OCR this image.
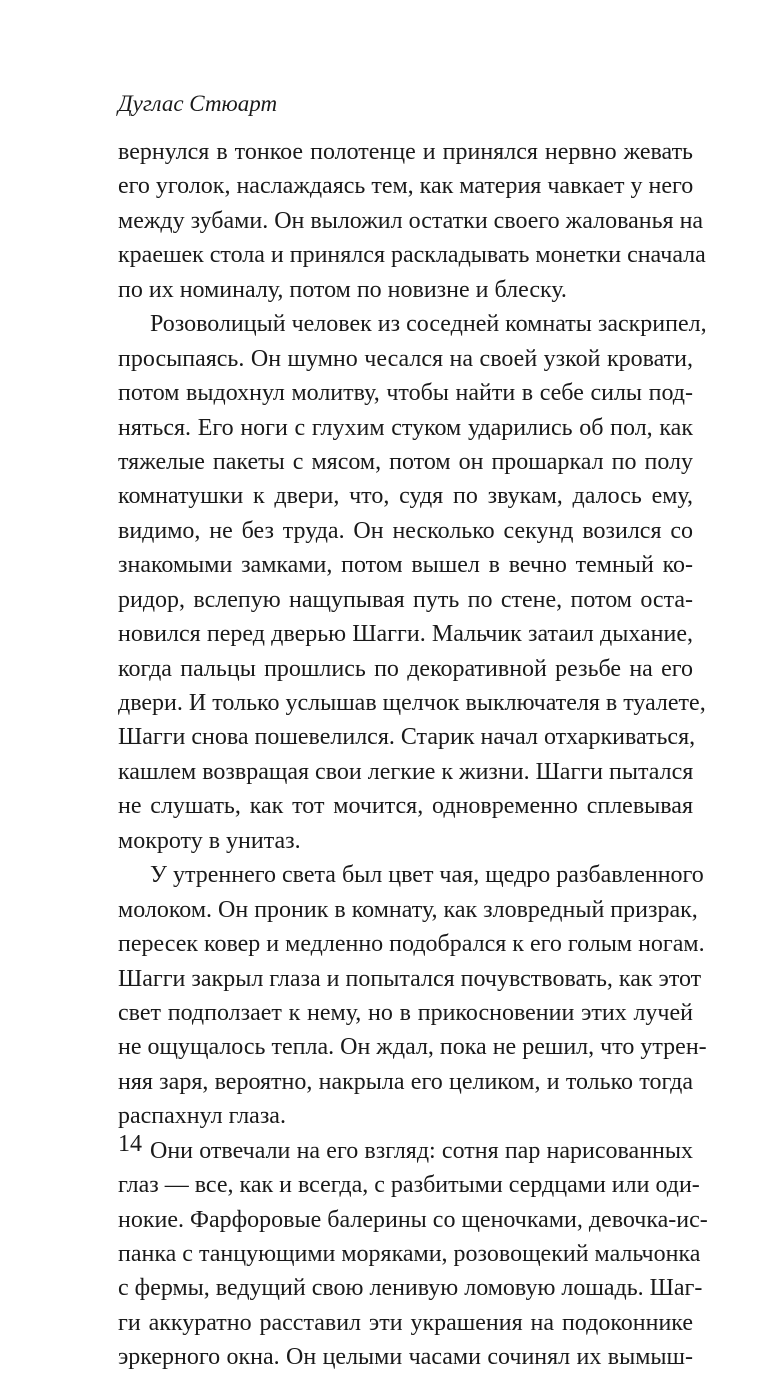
Дуглас Стюарт
вернулся в тонкое полотенце и принялся нервно жевать
его уголок, наслаждаясь тем, как материя чавкает у него
между зубами. Он выложил остатки своего жалованья на
краешек стола и принялся раскладывать монетки сначала
по их номиналу, потом по новизне и блеску.
Розоволицый человек из соседней комнаты заскрипел,
просыпаясь. Он шумно чесался на своей узкой кровати,
потом выдохнул молитву, чтобы найти в себе силы под-
няться. Его ноги с глухим стуком ударились об пол, как
тяжелые пакеты с мясом, потом он прошаркал по полу
комнатушки к двери, что, судя по звукам, далось ему,
видимо, не без труда. Он несколько секунд возился со
знакомыми замками, потом вышел в вечно темный ко-
ридор, вслепую нащупывая путь по стене, потом оста-
новился перед дверью Шагги. Мальчик затаил дыхание,
когда пальцы прошлись по декоративной резьбе на его
двери. И только услышав щелчок выключателя в туалете,
Шагги снова пошевелился. Старик начал отхаркиваться,
кашлем возвращая свои легкие к жизни. Шагги пытался
не слушать, как тот мочится, одновременно сплевывая
мокроту в унитаз.
У утреннего света был цвет чая, щедро разбавленного
молоком. Он проник в комнату, как зловредный призрак,
пересек ковер и медленно подобрался к его голым ногам.
Шагги закрыл глаза и попытался почувствовать, как этот
свет подползает к нему, но в прикосновении этих лучей
не ощущалось тепла. Он ждал, пока не решил, что утрен-
няя заря, вероятно, накрыла его целиком, и только тогда
распахнул глаза.
Они отвечали на его взгляд: сотня пар нарисованных
глаз — все, как и всегда, с разбитыми сердцами или оди-
нокие. Фарфоровые балерины со щеночками, девочка-ис-
панка с танцующими моряками, розовощекий мальчонка
с фермы, ведущий свою ленивую ломовую лошадь. Шаг-
ги аккуратно расставил эти украшения на подоконнике
эркерного окна. Он целыми часами сочинял их вымыш-
14
